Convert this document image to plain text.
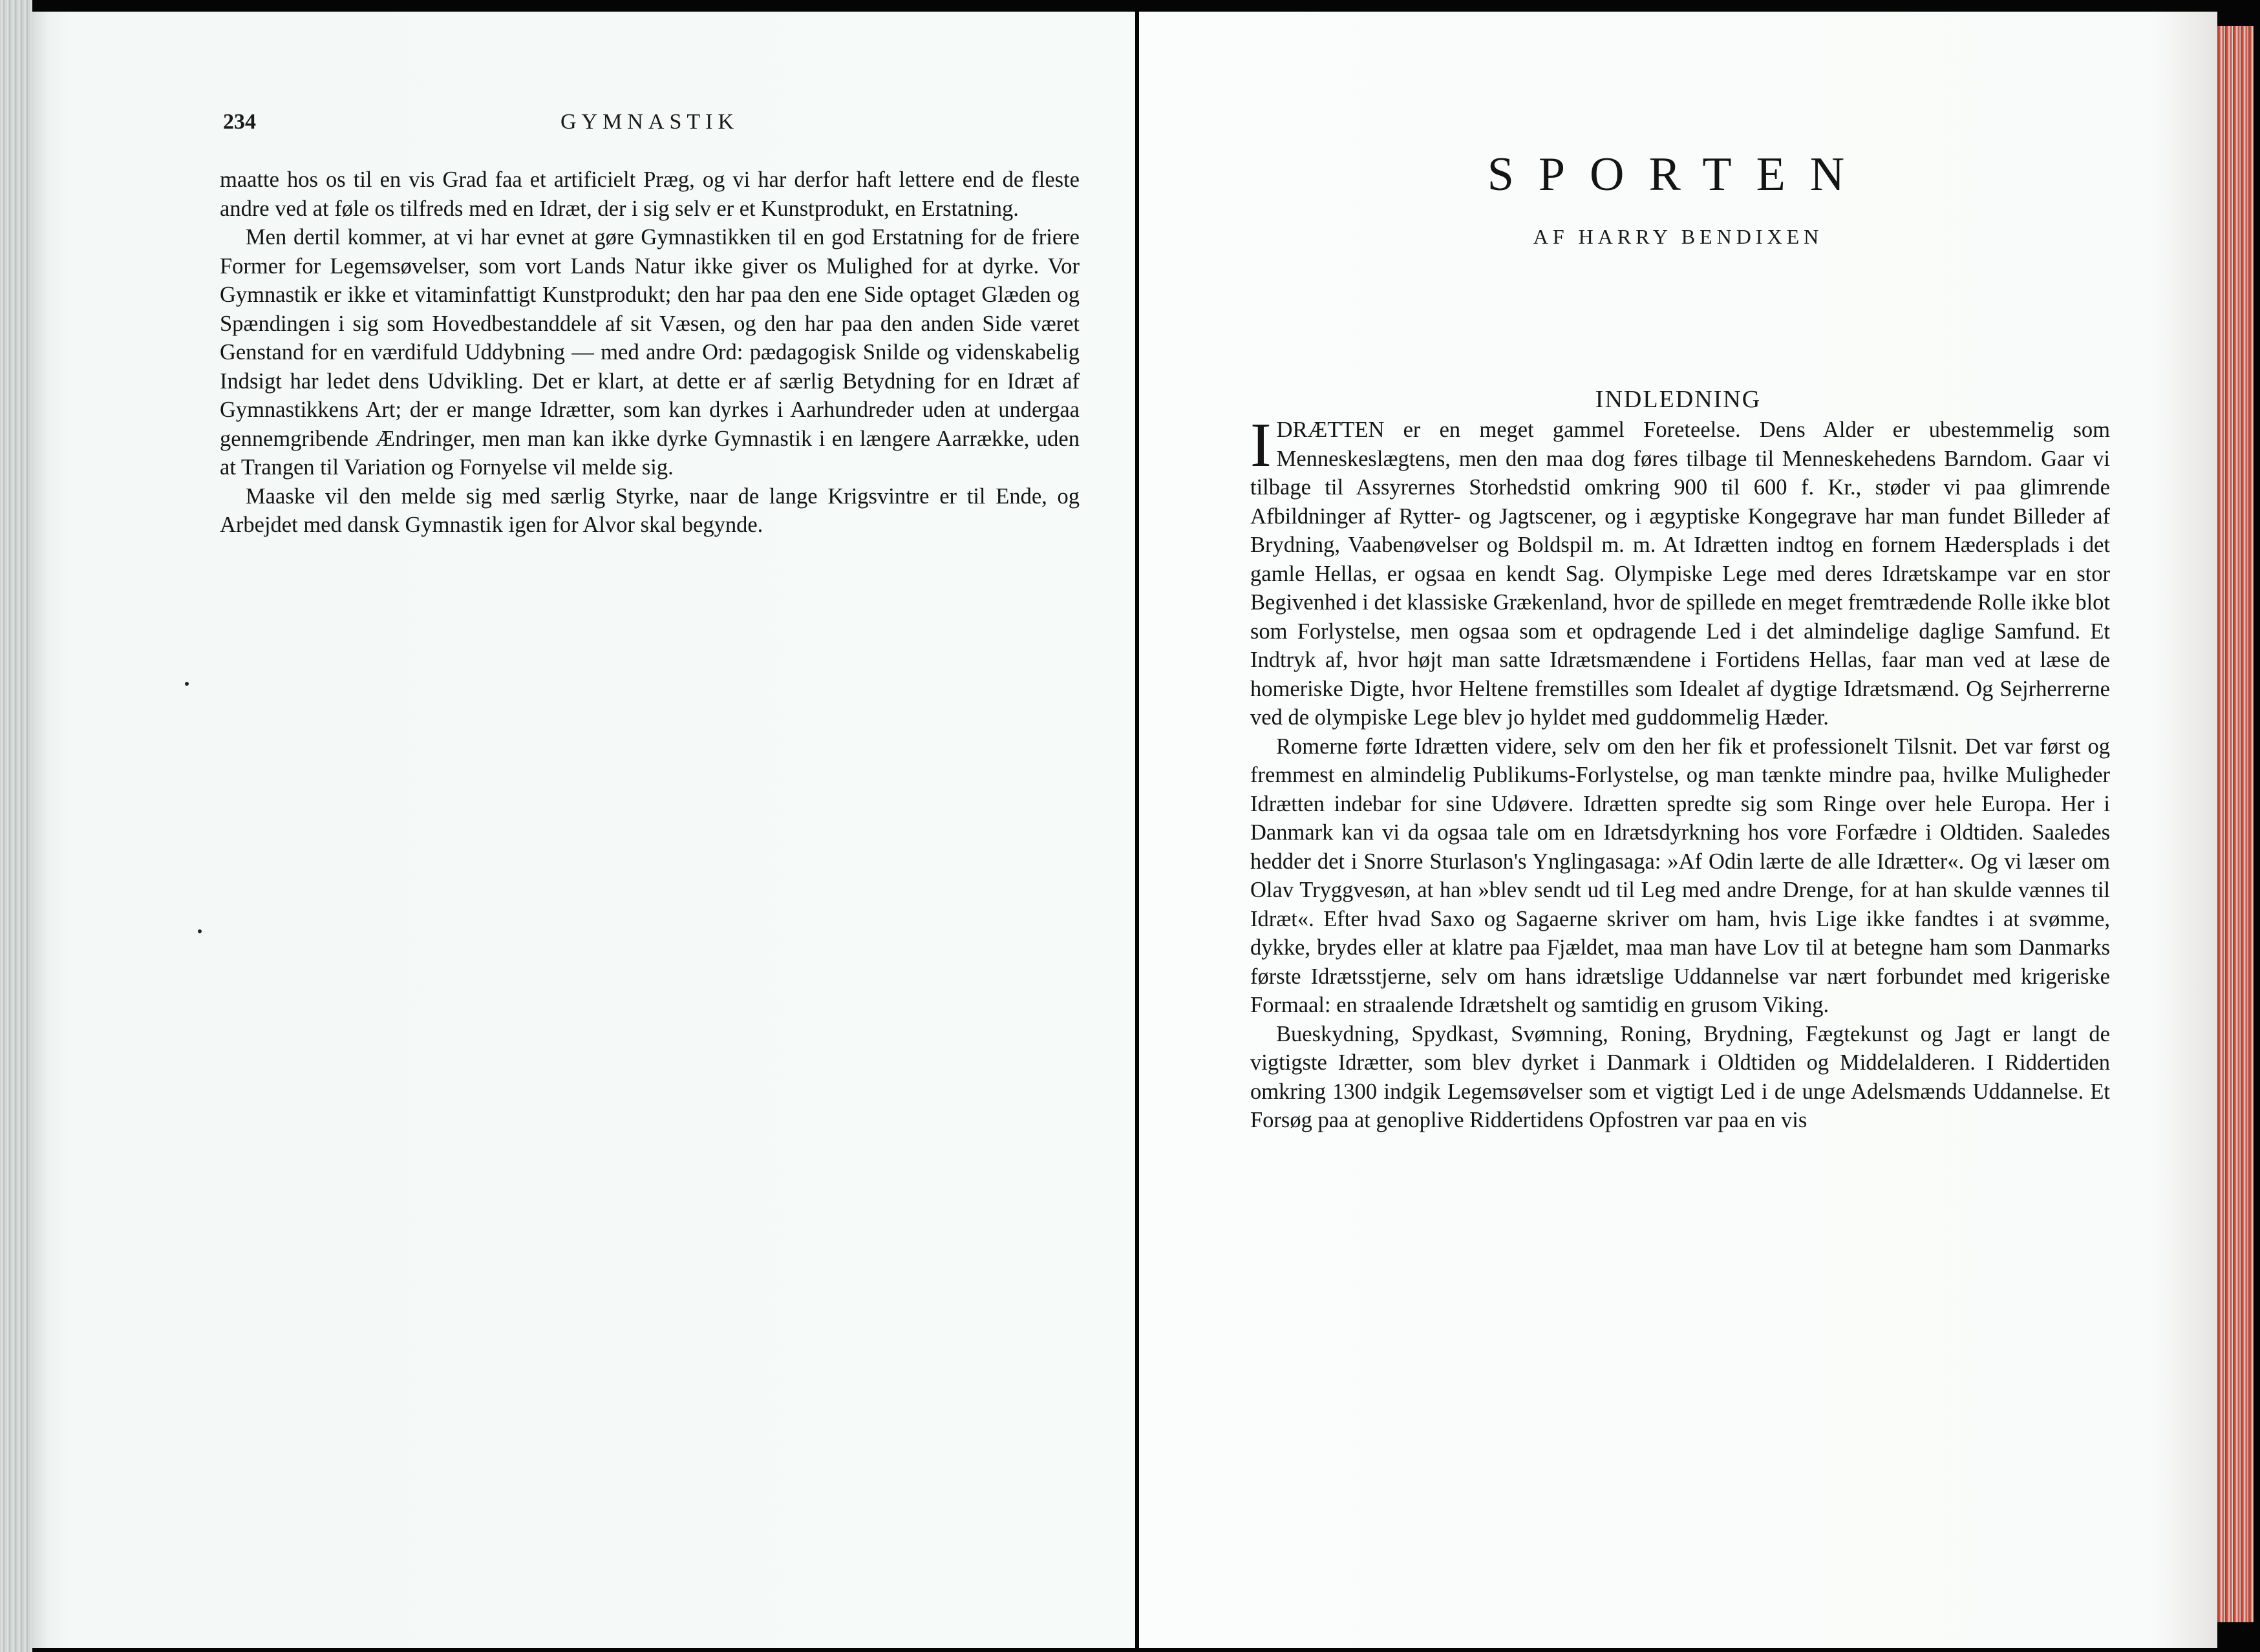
234	GYMNASTIK

maatte hos os til en vis Grad faa et artificielt Præg, og vi har derfor haft lettere end de fleste andre ved at føle os tilfreds med en Idræt, der i sig selv er et Kunstprodukt, en Erstatning.

Men dertil kommer, at vi har evnet at gøre Gymnastikken til en god Erstatning for de friere Former for Legemsøvelser, som vort Lands Natur ikke giver os Mulighed for at dyrke. Vor Gymnastik er ikke et vitaminfattigt Kunstprodukt; den har paa den ene Side optaget Glæden og Spændingen i sig som Hovedbestanddele af sit Væsen, og den har paa den anden Side været Genstand for en værdifuld Uddybning — med andre Ord: pædagogisk Snilde og videnskabelig Indsigt har ledet dens Udvikling. Det er klart, at dette er af særlig Betydning for en Idræt af Gymnastikkens Art; der er mange Idrætter, som kan dyrkes i Aarhundreder uden at undergaa gennemgribende Ændringer, men man kan ikke dyrke Gymnastik i en længere Aarrække, uden at Trangen til Variation og Fornyelse vil melde sig.

Maaske vil den melde sig med særlig Styrke, naar de lange Krigsvintre er til Ende, og Arbejdet med dansk Gymnastik igen for Alvor skal begynde.

SPORTEN
AF HARRY BENDIXEN
INDLEDNING

IDRÆTTEN er en meget gammel Foreteelse. Dens Alder er ubestemmelig som Menneskeslægtens, men den maa dog føres tilbage til Menneskehedens Barndom. Gaar vi tilbage til Assyrernes Storhedstid omkring 900 til 600 f. Kr., støder vi paa glimrende Afbildninger af Rytter- og Jagtscener, og i ægyptiske Kongegrave har man fundet Billeder af Brydning, Vaabenøvelser og Boldspil m. m. At Idrætten indtog en fornem Hædersplads i det gamle Hellas, er ogsaa en kendt Sag. Olympiske Lege med deres Idrætskampe var en stor Begivenhed i det klassiske Grækenland, hvor de spillede en meget fremtrædende Rolle ikke blot som Forlystelse, men ogsaa som et opdragende Led i det almindelige daglige Samfund. Et Indtryk af, hvor højt man satte Idrætsmændene i Fortidens Hellas, faar man ved at læse de homeriske Digte, hvor Heltene fremstilles som Idealet af dygtige Idrætsmænd. Og Sejrherrerne ved de olympiske Lege blev jo hyldet med guddommelig Hæder.

Romerne førte Idrætten videre, selv om den her fik et professionelt Tilsnit. Det var først og fremmest en almindelig Publikums-Forlystelse, og man tænkte mindre paa, hvilke Muligheder Idrætten indebar for sine Udøvere. Idrætten spredte sig som Ringe over hele Europa. Her i Danmark kan vi da ogsaa tale om en Idrætsdyrkning hos vore Forfædre i Oldtiden. Saaledes hedder det i Snorre Sturlason's Ynglingasaga: »Af Odin lærte de alle Idrætter«. Og vi læser om Olav Tryggvesøn, at han »blev sendt ud til Leg med andre Drenge, for at han skulde vænnes til Idræt«. Efter hvad Saxo og Sagaerne skriver om ham, hvis Lige ikke fandtes i at svømme, dykke, brydes eller at klatre paa Fjældet, maa man have Lov til at betegne ham som Danmarks første Idrætsstjerne, selv om hans idrætslige Uddannelse var nært forbundet med krigeriske Formaal: en straalende Idrætshelt og samtidig en grusom Viking.

Bueskydning, Spydkast, Svømning, Roning, Brydning, Fægtekunst og Jagt er langt de vigtigste Idrætter, som blev dyrket i Danmark i Oldtiden og Middelalderen. I Riddertiden omkring 1300 indgik Legemsøvelser som et vigtigt Led i de unge Adelsmænds Uddannelse. Et Forsøg paa at genoplive Riddertidens Opfostren var paa en vis
